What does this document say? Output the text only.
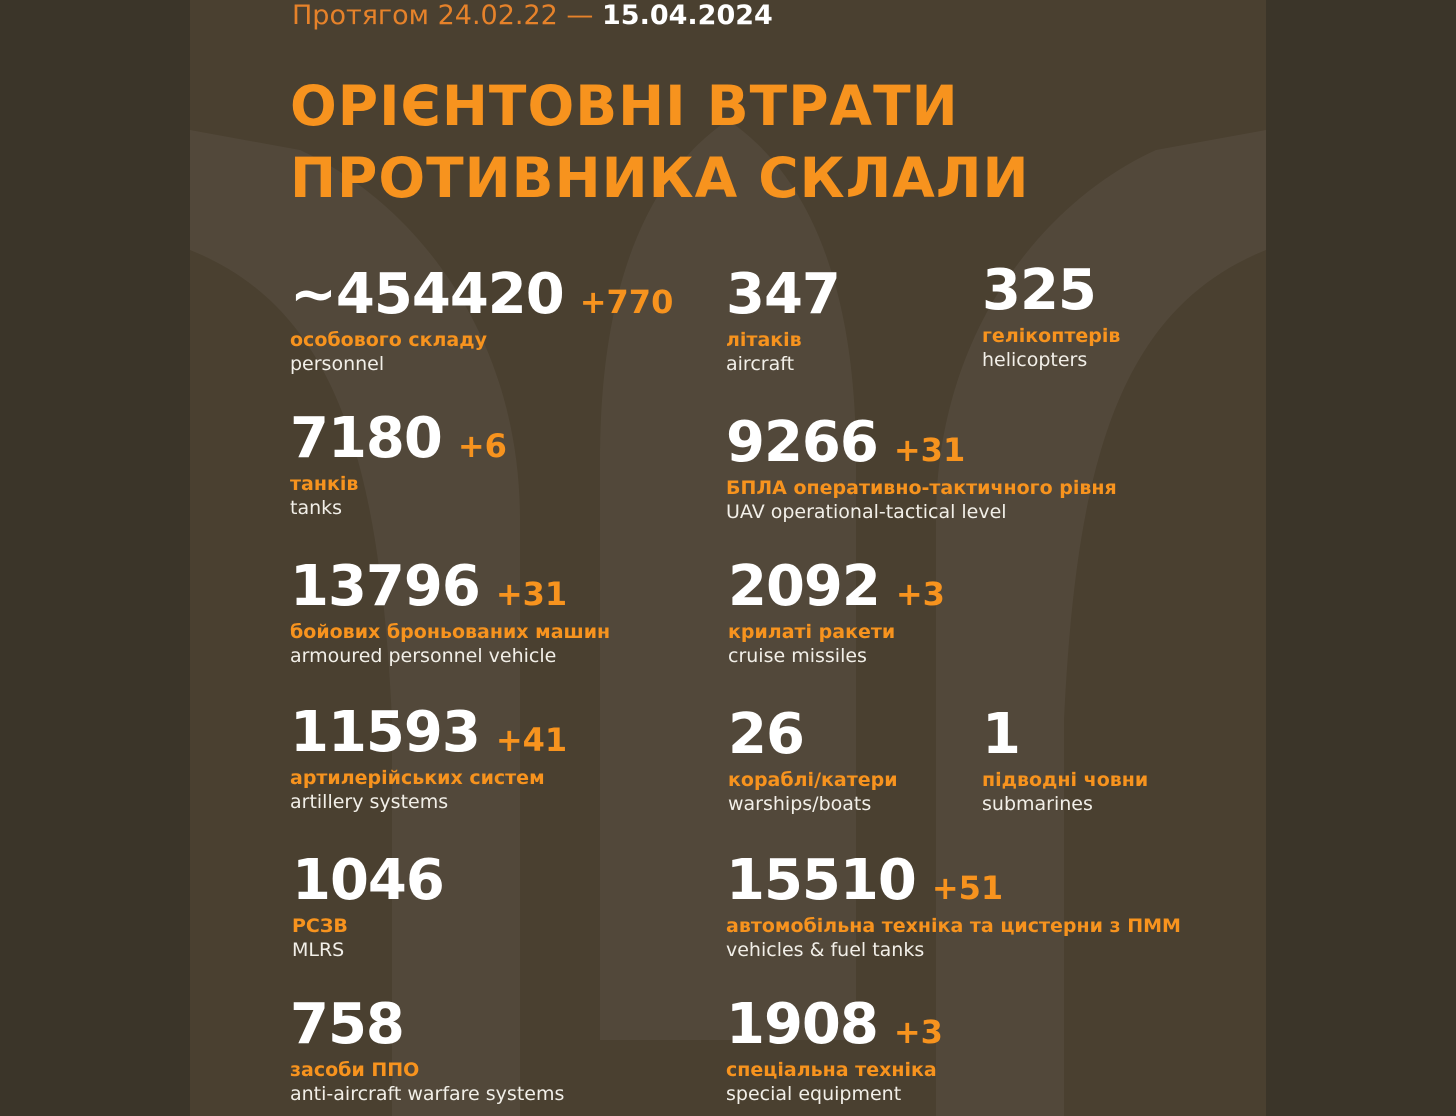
Протягом 24.02.22 — 15.04.2024

ОРІЄНТОВНІ ВТРАТИ
ПРОТИВНИКА СКЛАЛИ
~454420 +770
особового складу
personnel
347
літаків
aircraft
325
гелікоптерів
helicopters
7180 +6
танків
tanks
9266 +31
БПЛА оперативно-тактичного рівня
UAV operational-tactical level
13796 +31
бойових броньованих машин
armoured personnel vehicle
2092 +3
крилаті ракети
cruise missiles
11593 +41
артилерійських систем
artillery systems
26
кораблі/катери
warships/boats
1
підводні човни
submarines
1046
РСЗВ
MLRS
15510 +51
автомобільна техніка та цистерни з ПММ
vehicles & fuel tanks
758
засоби ППО
anti-aircraft warfare systems
1908 +3
спеціальна техніка
special equipment
